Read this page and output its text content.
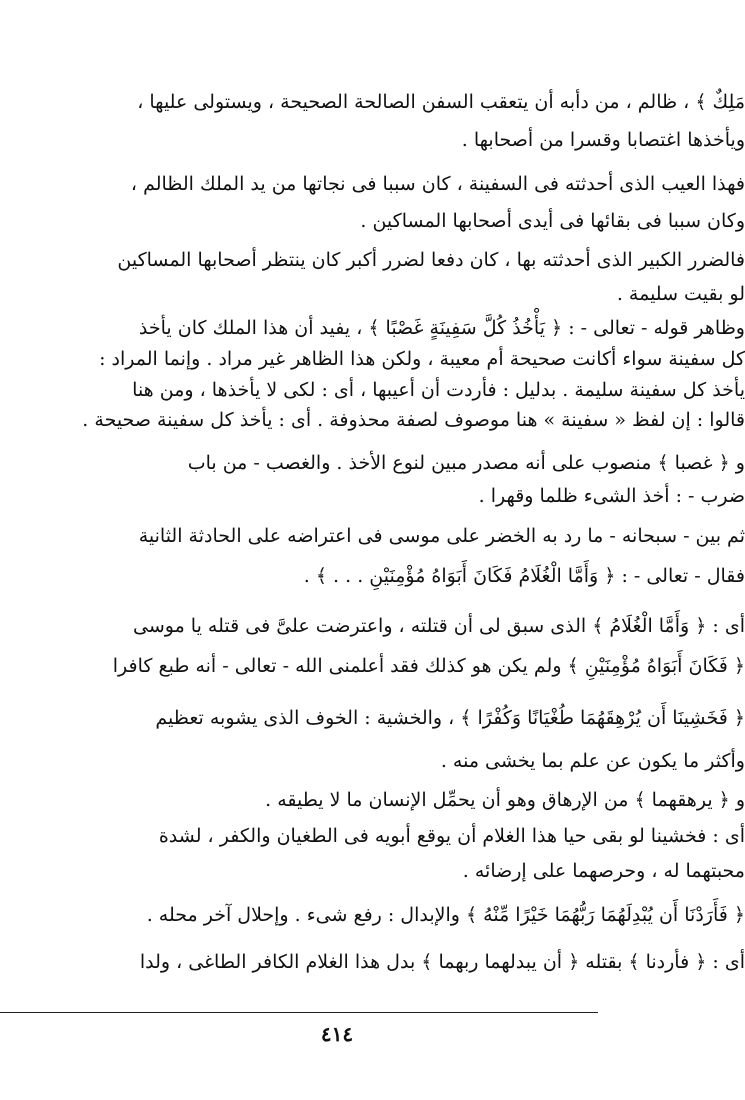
مَلِكٌ ﴾ ، ظالم ، من دأبه أن يتعقب السفن الصالحة الصحيحة ، ويستولى عليها ،
ويأخذها اغتصابا وقسرا من أصحابها .
فهذا العيب الذى أحدثته فى السفينة ، كان سببا فى نجاتها من يد الملك الظالم ،
وكان سببا فى بقائها فى أيدى أصحابها المساكين .
فالضرر الكبير الذى أحدثته بها ، كان دفعا لضرر أكبر كان ينتظر أصحابها المساكين
لو بقيت سليمة .
وظاهر قوله - تعالى - : ﴿ يَأْخُذُ كُلَّ سَفِينَةٍ غَصْبًا ﴾ ، يفيد أن هذا الملك كان يأخذ
كل سفينة سواء أكانت صحيحة أم معيبة ، ولكن هذا الظاهر غير مراد . وإنما المراد :
يأخذ كل سفينة سليمة . بدليل : فأردت أن أعيبها ، أى : لكى لا يأخذها ، ومن هنا
قالوا : إن لفظ « سفينة » هنا موصوف لصفة محذوفة . أى : يأخذ كل سفينة صحيحة .
و ﴿ غصبا ﴾ منصوب على أنه مصدر مبين لنوع الأخذ . والغصب - من باب
ضرب - : أخذ الشىء ظلما وقهرا .
ثم بين - سبحانه - ما رد به الخضر على موسى فى اعتراضه على الحادثة الثانية
فقال - تعالى - : ﴿ وَأَمَّا الْغُلَامُ فَكَانَ أَبَوَاهُ مُؤْمِنَيْنِ . . . ﴾ .
أى : ﴿ وَأَمَّا الْغُلَامُ ﴾ الذى سبق لى أن قتلته ، واعترضت علىَّ فى قتله يا موسى
﴿ فَكَانَ أَبَوَاهُ مُؤْمِنَيْنِ ﴾ ولم يكن هو كذلك فقد أعلمنى الله - تعالى - أنه طبع كافرا
﴿ فَخَشِينَا أَن يُرْهِقَهُمَا طُغْيَانًا وَكُفْرًا ﴾ ، والخشية : الخوف الذى يشوبه تعظيم
وأكثر ما يكون عن علم بما يخشى منه .
و ﴿ يرهقهما ﴾ من الإرهاق وهو أن يحمِّل الإنسان ما لا يطيقه .
أى : فخشينا لو بقى حيا هذا الغلام أن يوقع أبويه فى الطغيان والكفر ، لشدة
محبتهما له ، وحرصهما على إرضائه .
﴿ فَأَرَدْنَا أَن يُبْدِلَهُمَا رَبُّهُمَا خَيْرًا مِّنْهُ ﴾ والإبدال : رفع شىء . وإحلال آخر محله .
أى : ﴿ فأردنا ﴾ بقتله ﴿ أن يبدلهما ربهما ﴾ بدل هذا الغلام الكافر الطاغى ، ولدا
٤١٤
